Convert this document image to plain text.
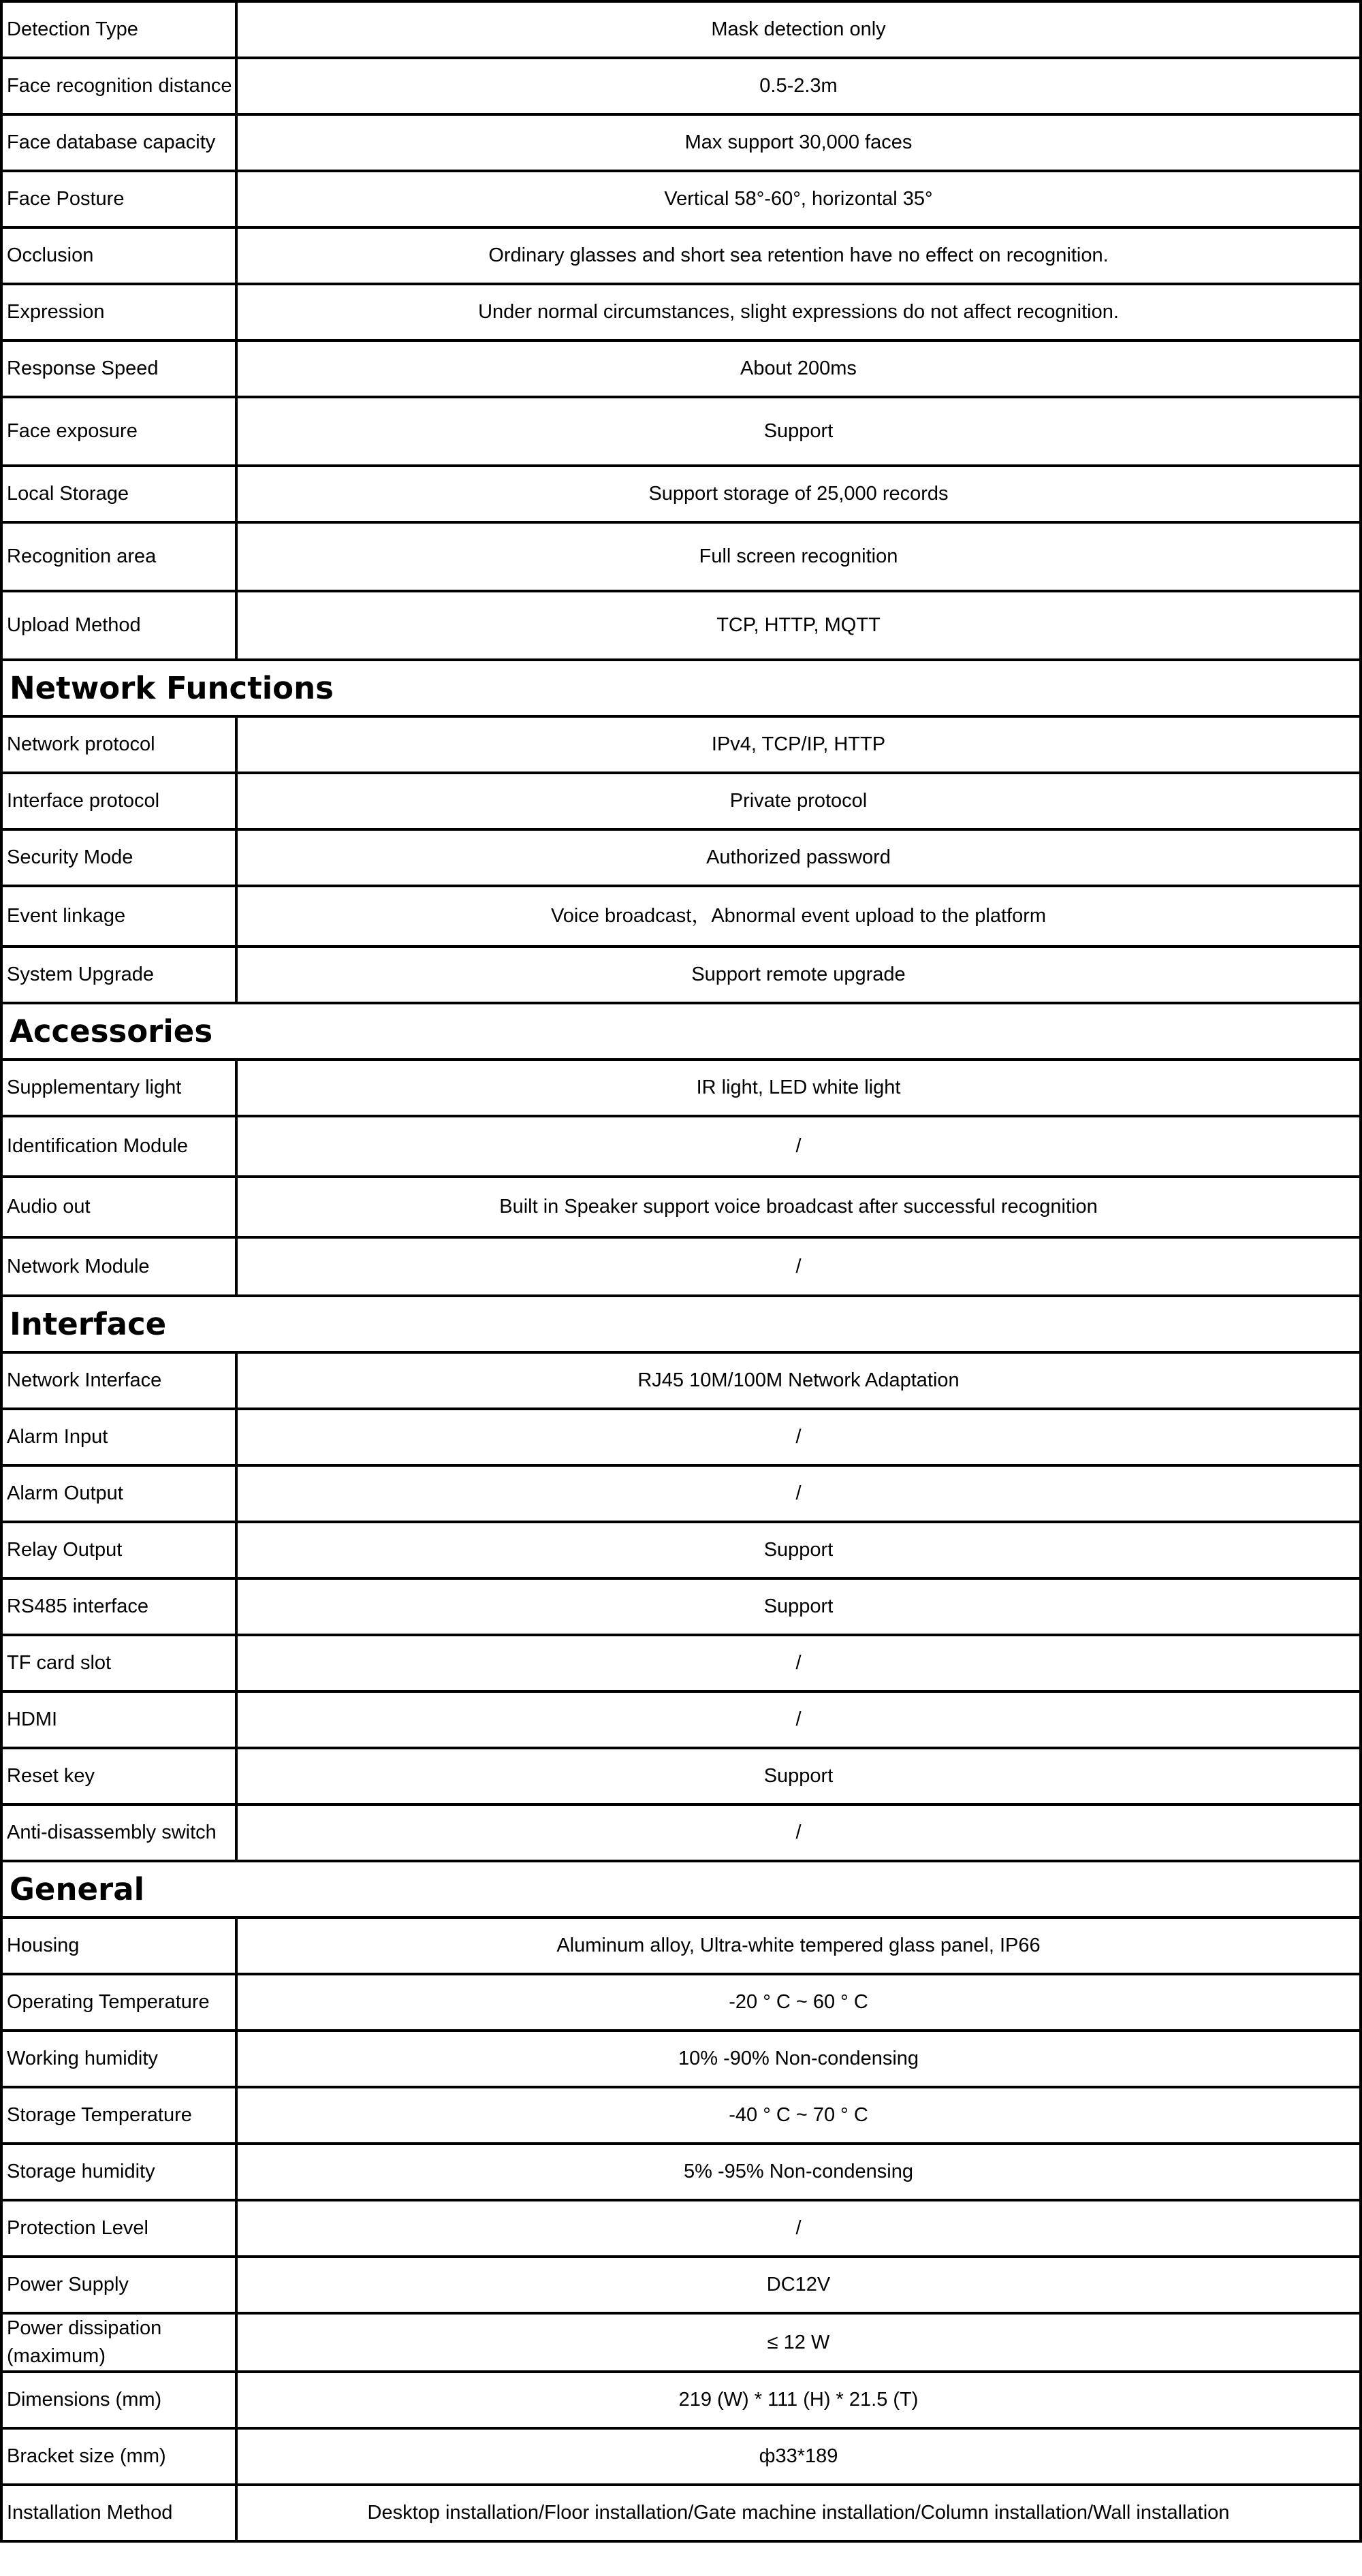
Detection Type	Mask detection only
Face recognition distance	0.5-2.3m
Face database capacity	Max support 30,000 faces
Face Posture	Vertical 58°-60°, horizontal 35°
Occlusion	Ordinary glasses and short sea retention have no effect on recognition.
Expression	Under normal circumstances, slight expressions do not affect recognition.
Response Speed	About 200ms
Face exposure	Support
Local Storage	Support storage of 25,000 records
Recognition area	Full screen recognition
Upload Method	TCP, HTTP, MQTT
Network Functions	
Network protocol	IPv4, TCP/IP, HTTP
Interface protocol	Private protocol
Security Mode	Authorized password
Event linkage	Voice broadcast，Abnormal event upload to the platform
System Upgrade	Support remote upgrade
Accessories	
Supplementary light	IR light, LED white light
Identification Module	/
Audio out	Built in Speaker support voice broadcast after successful recognition
Network Module	/
Interface	
Network Interface	RJ45 10M/100M Network Adaptation
Alarm Input	/
Alarm Output	/
Relay Output	Support
RS485 interface	Support
TF card slot	/
HDMI	/
Reset key	Support
Anti-disassembly switch	/
General	
Housing	Aluminum alloy, Ultra-white tempered glass panel, IP66
Operating Temperature	-20 ° C ~ 60 ° C
Working humidity	10% -90% Non-condensing
Storage Temperature	-40 ° C ~ 70 ° C
Storage humidity	5% -95% Non-condensing
Protection Level	/
Power Supply	DC12V
Power dissipation (maximum)	≤ 12 W
Dimensions (mm)	219 (W) * 111 (H) * 21.5 (T)
Bracket size (mm)	ф33*189
Installation Method	Desktop installation/Floor installation/Gate machine installation/Column installation/Wall installation
